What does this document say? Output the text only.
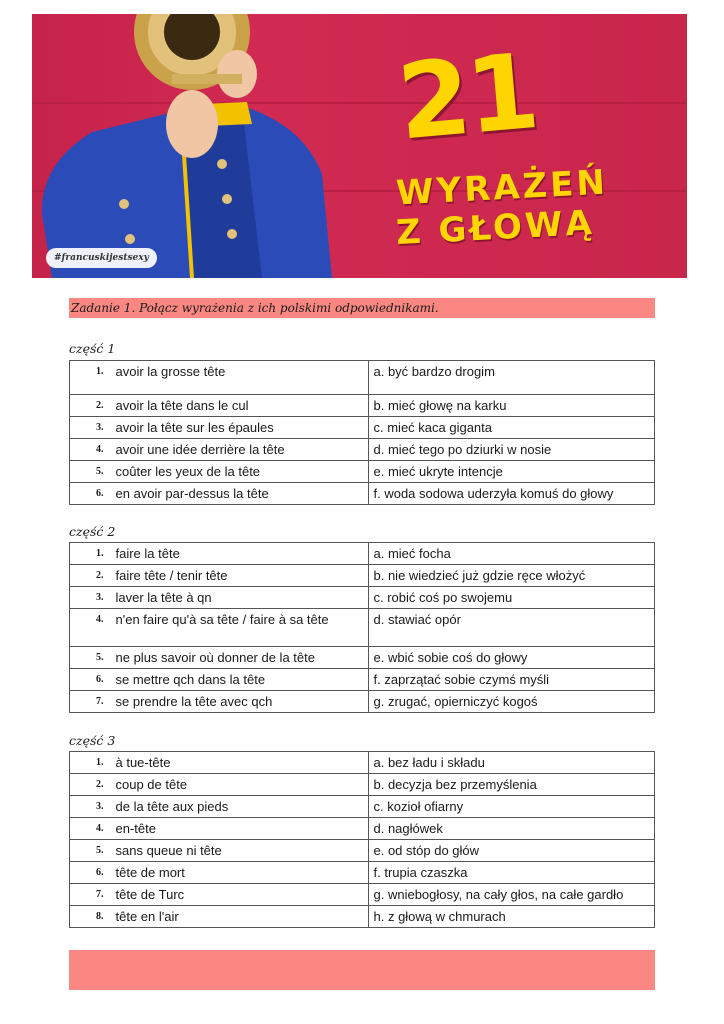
#francuskijestsexy
21
WYRAŻEŃ
Z GŁOWĄ
Zadanie 1. Połącz wyrażenia z ich polskimi odpowiednikami.
część 1
1.	avoir la grosse tête	a. być bardzo drogim
2.	avoir la tête dans le cul	b. mieć głowę na karku
3.	avoir la tête sur les épaules	c. mieć kaca giganta
4.	avoir une idée derrière la tête	d. mieć tego po dziurki w nosie
5.	coûter les yeux de la tête	e. mieć ukryte intencje
6.	en avoir par-dessus la tête	f. woda sodowa uderzyła komuś do głowy
część 2
1.	faire la tête	a. mieć focha
2.	faire tête / tenir tête	b. nie wiedzieć już gdzie ręce włożyć
3.	laver la tête à qn	c. robić coś po swojemu
4.	n'en faire qu'à sa tête / faire à sa tête	d. stawiać opór
5.	ne plus savoir où donner de la tête	e. wbić sobie coś do głowy
6.	se mettre qch dans la tête	f. zaprzątać sobie czymś myśli
7.	se prendre la tête avec qch	g. zrugać, opierniczyć kogoś
część 3
1.	à tue-tête	a. bez ładu i składu
2.	coup de tête	b. decyzja bez przemyślenia
3.	de la tête aux pieds	c. kozioł ofiarny
4.	en-tête	d. nagłówek
5.	sans queue ni tête	e. od stóp do głów
6.	tête de mort	f. trupia czaszka
7.	tête de Turc	g. wniebogłosy, na cały głos, na całe gardło
8.	tête en l'air	h. z głową w chmurach
